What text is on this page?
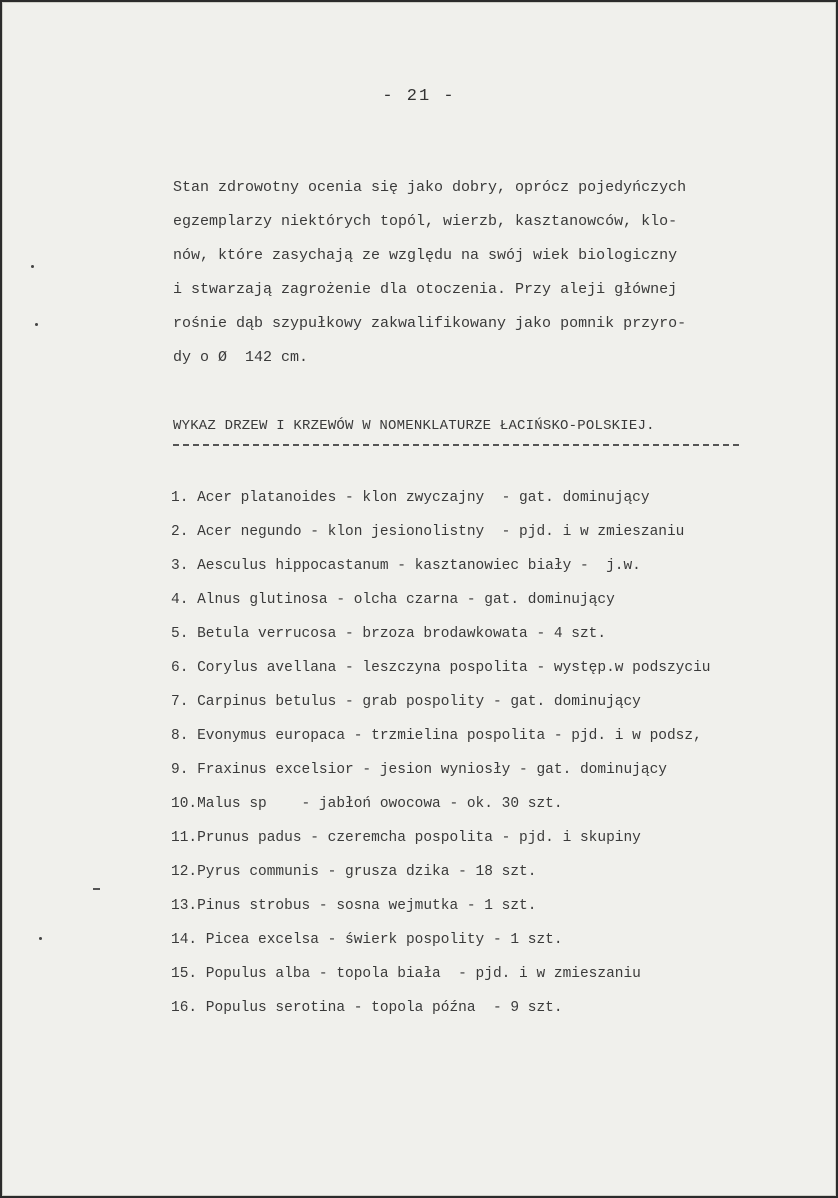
- 21 -

Stan zdrowotny ocenia się jako dobry, oprócz pojedyńczych
egzemplarzy niektórych topól, wierzb, kasztanowców, klo-
nów, które zasychają ze względu na swój wiek biologiczny
i stwarzają zagrożenie dla otoczenia. Przy aleji głównej
rośnie dąb szypułkowy zakwalifikowany jako pomnik przyro-
dy o Ø  142 cm.

WYKAZ DRZEW I KRZEWÓW W NOMENKLATURZE ŁACIŃSKO-POLSKIEJ.
1. Acer platanoides - klon zwyczajny  - gat. dominujący
2. Acer negundo - klon jesionolistny  - pjd. i w zmieszaniu
3. Aesculus hippocastanum - kasztanowiec biały -  j.w.
4. Alnus glutinosa - olcha czarna - gat. dominujący
5. Betula verrucosa - brzoza brodawkowata - 4 szt.
6. Corylus avellana - leszczyna pospolita - występ.w podszyciu
7. Carpinus betulus - grab pospolity - gat. dominujący
8. Evonymus europaca - trzmielina pospolita - pjd. i w podsz,
9. Fraxinus excelsior - jesion wyniosły - gat. dominujący
10.Malus sp    - jabłoń owocowa - ok. 30 szt.
11.Prunus padus - czeremcha pospolita - pjd. i skupiny
12.Pyrus communis - grusza dzika - 18 szt.
13.Pinus strobus - sosna wejmutka - 1 szt.
14. Picea excelsa - świerk pospolity - 1 szt.
15. Populus alba - topola biała  - pjd. i w zmieszaniu
16. Populus serotina - topola późna  - 9 szt.
